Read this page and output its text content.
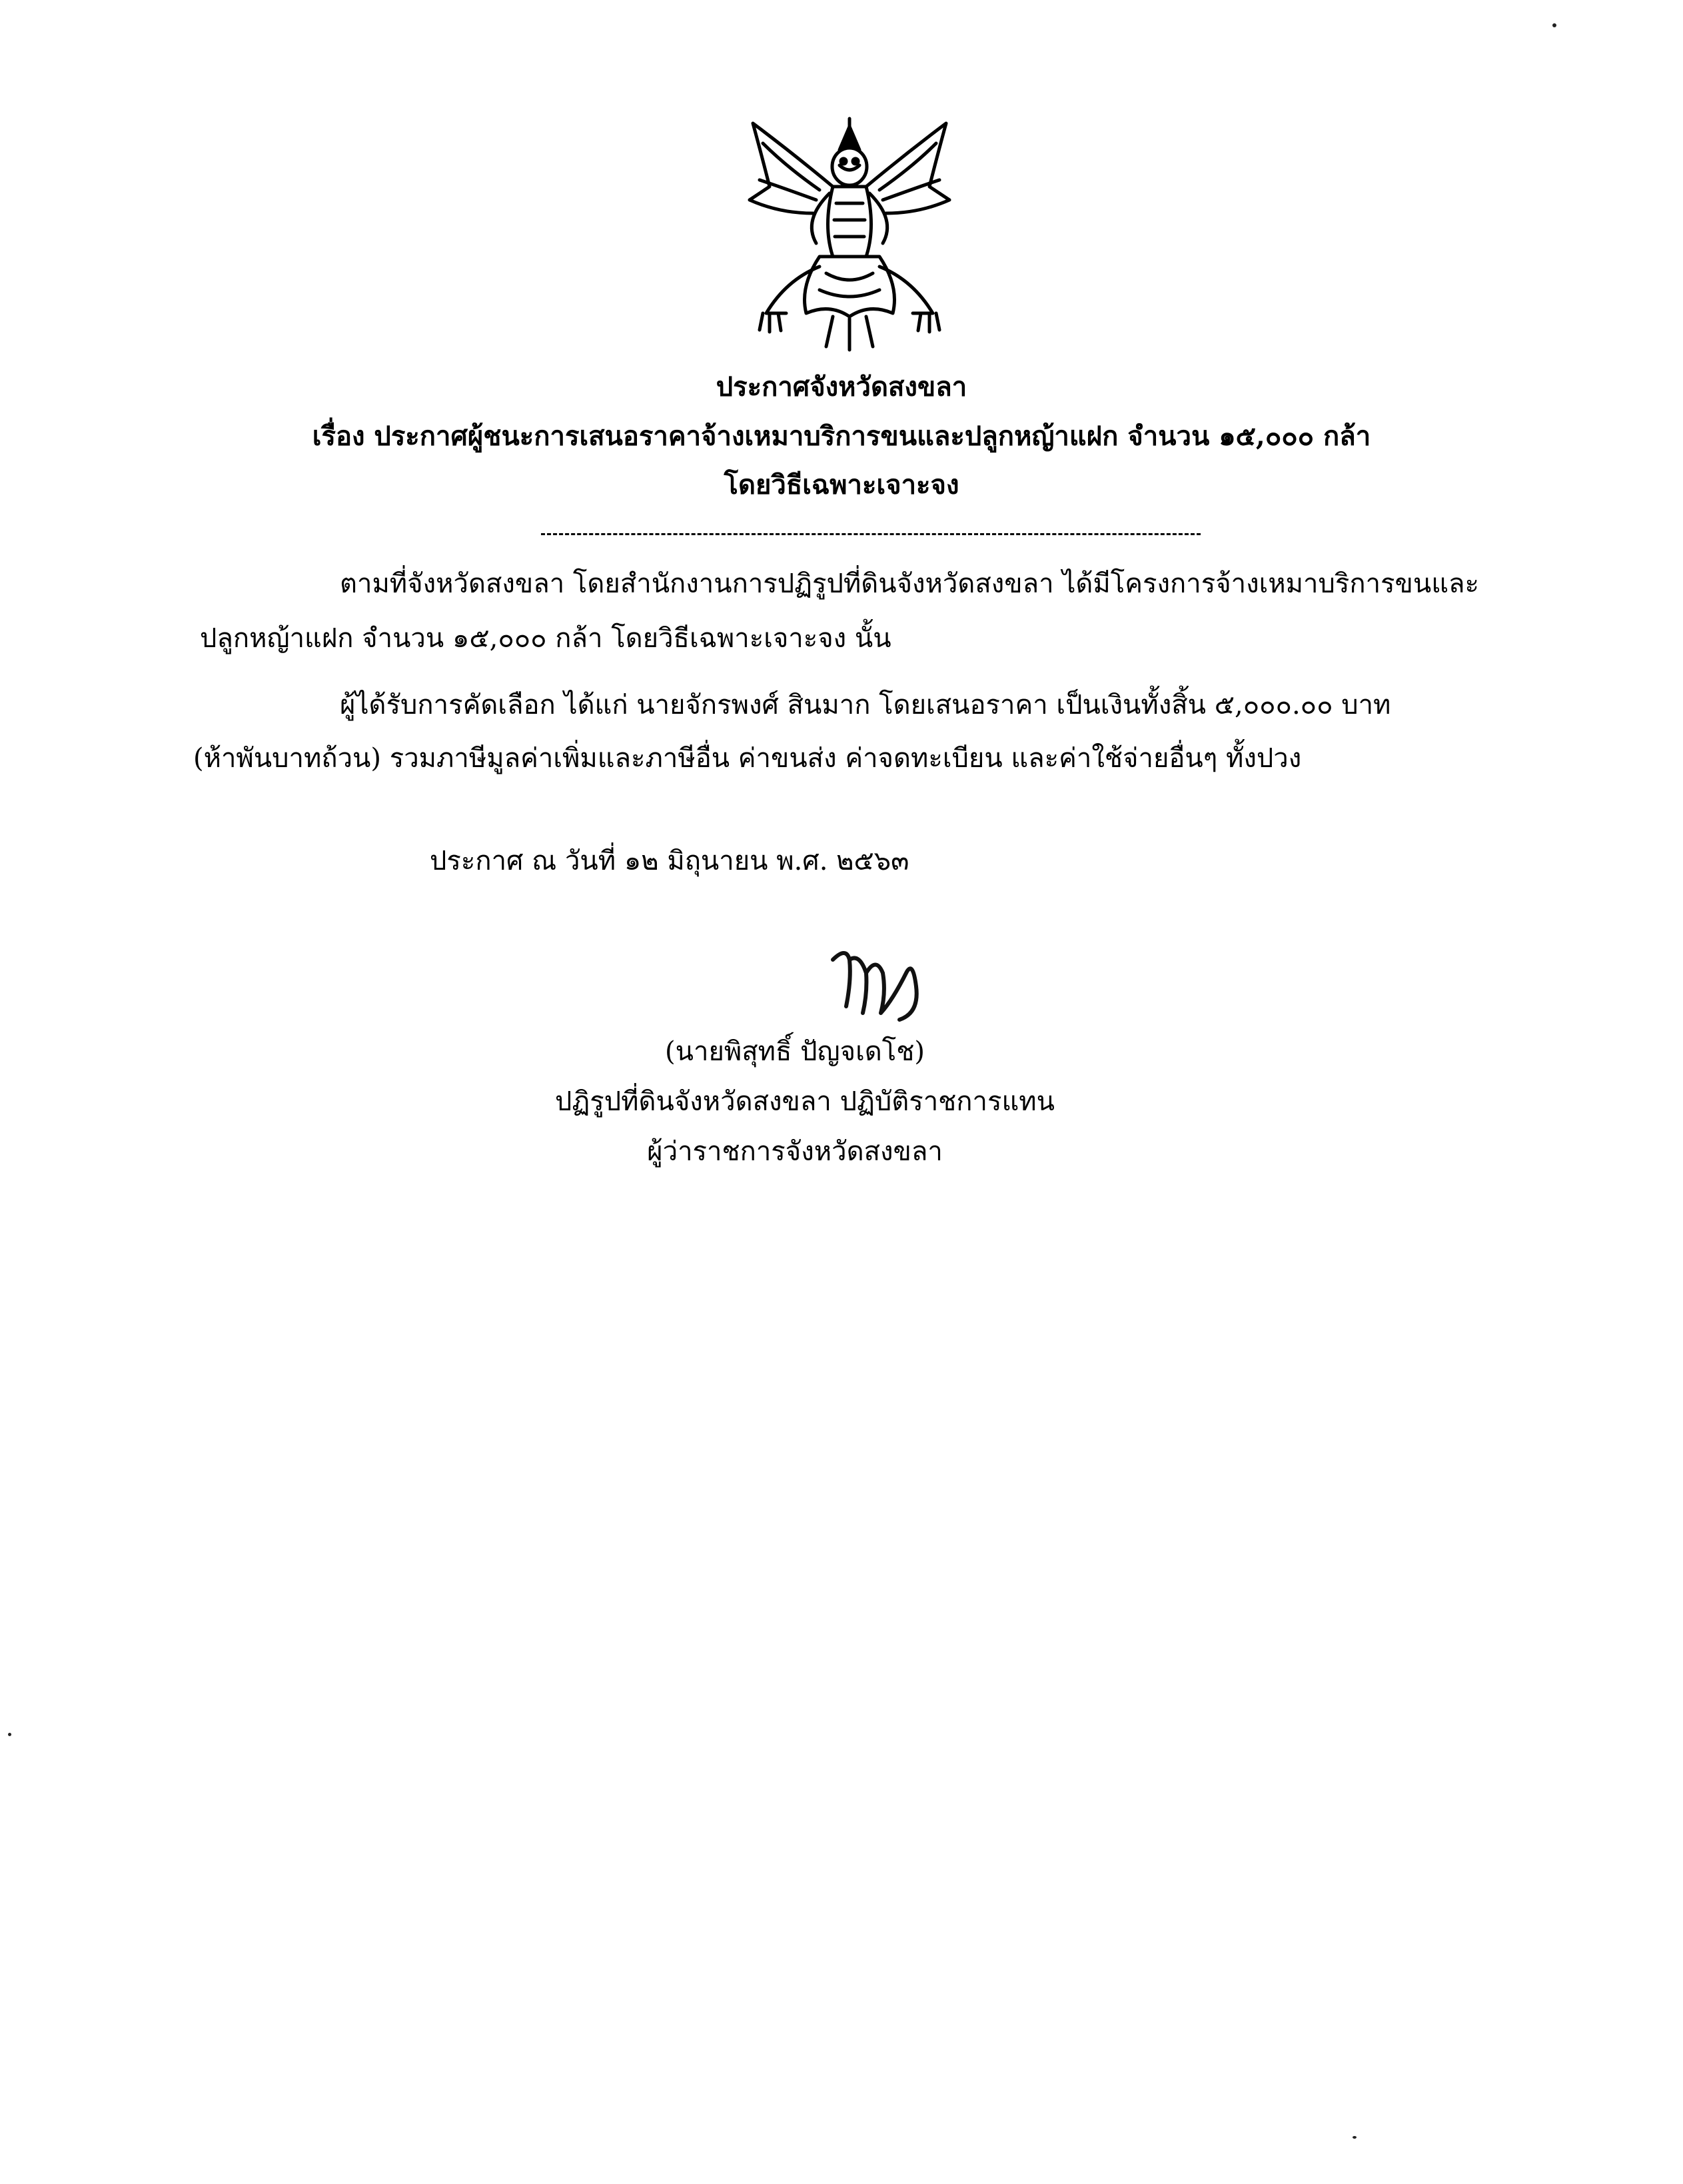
ประกาศจังหวัดสงขลา
เรื่อง ประกาศผู้ชนะการเสนอราคาจ้างเหมาบริการขนและปลูกหญ้าแฝก จำนวน ๑๕,๐๐๐ กล้า
โดยวิธีเฉพาะเจาะจง
ตามที่จังหวัดสงขลา โดยสำนักงานการปฏิรูปที่ดินจังหวัดสงขลา ได้มีโครงการจ้างเหมาบริการขนและ
ปลูกหญ้าแฝก จำนวน ๑๕,๐๐๐ กล้า โดยวิธีเฉพาะเจาะจง นั้น
ผู้ได้รับการคัดเลือก ได้แก่ นายจักรพงศ์ สินมาก โดยเสนอราคา เป็นเงินทั้งสิ้น ๕,๐๐๐.๐๐ บาท
(ห้าพันบาทถ้วน) รวมภาษีมูลค่าเพิ่มและภาษีอื่น ค่าขนส่ง ค่าจดทะเบียน และค่าใช้จ่ายอื่นๆ ทั้งปวง
ประกาศ ณ วันที่ ๑๒ มิถุนายน พ.ศ. ๒๕๖๓
(นายพิสุทธิ์ ปัญจเดโช)
ปฏิรูปที่ดินจังหวัดสงขลา ปฏิบัติราชการแทน
ผู้ว่าราชการจังหวัดสงขลา
